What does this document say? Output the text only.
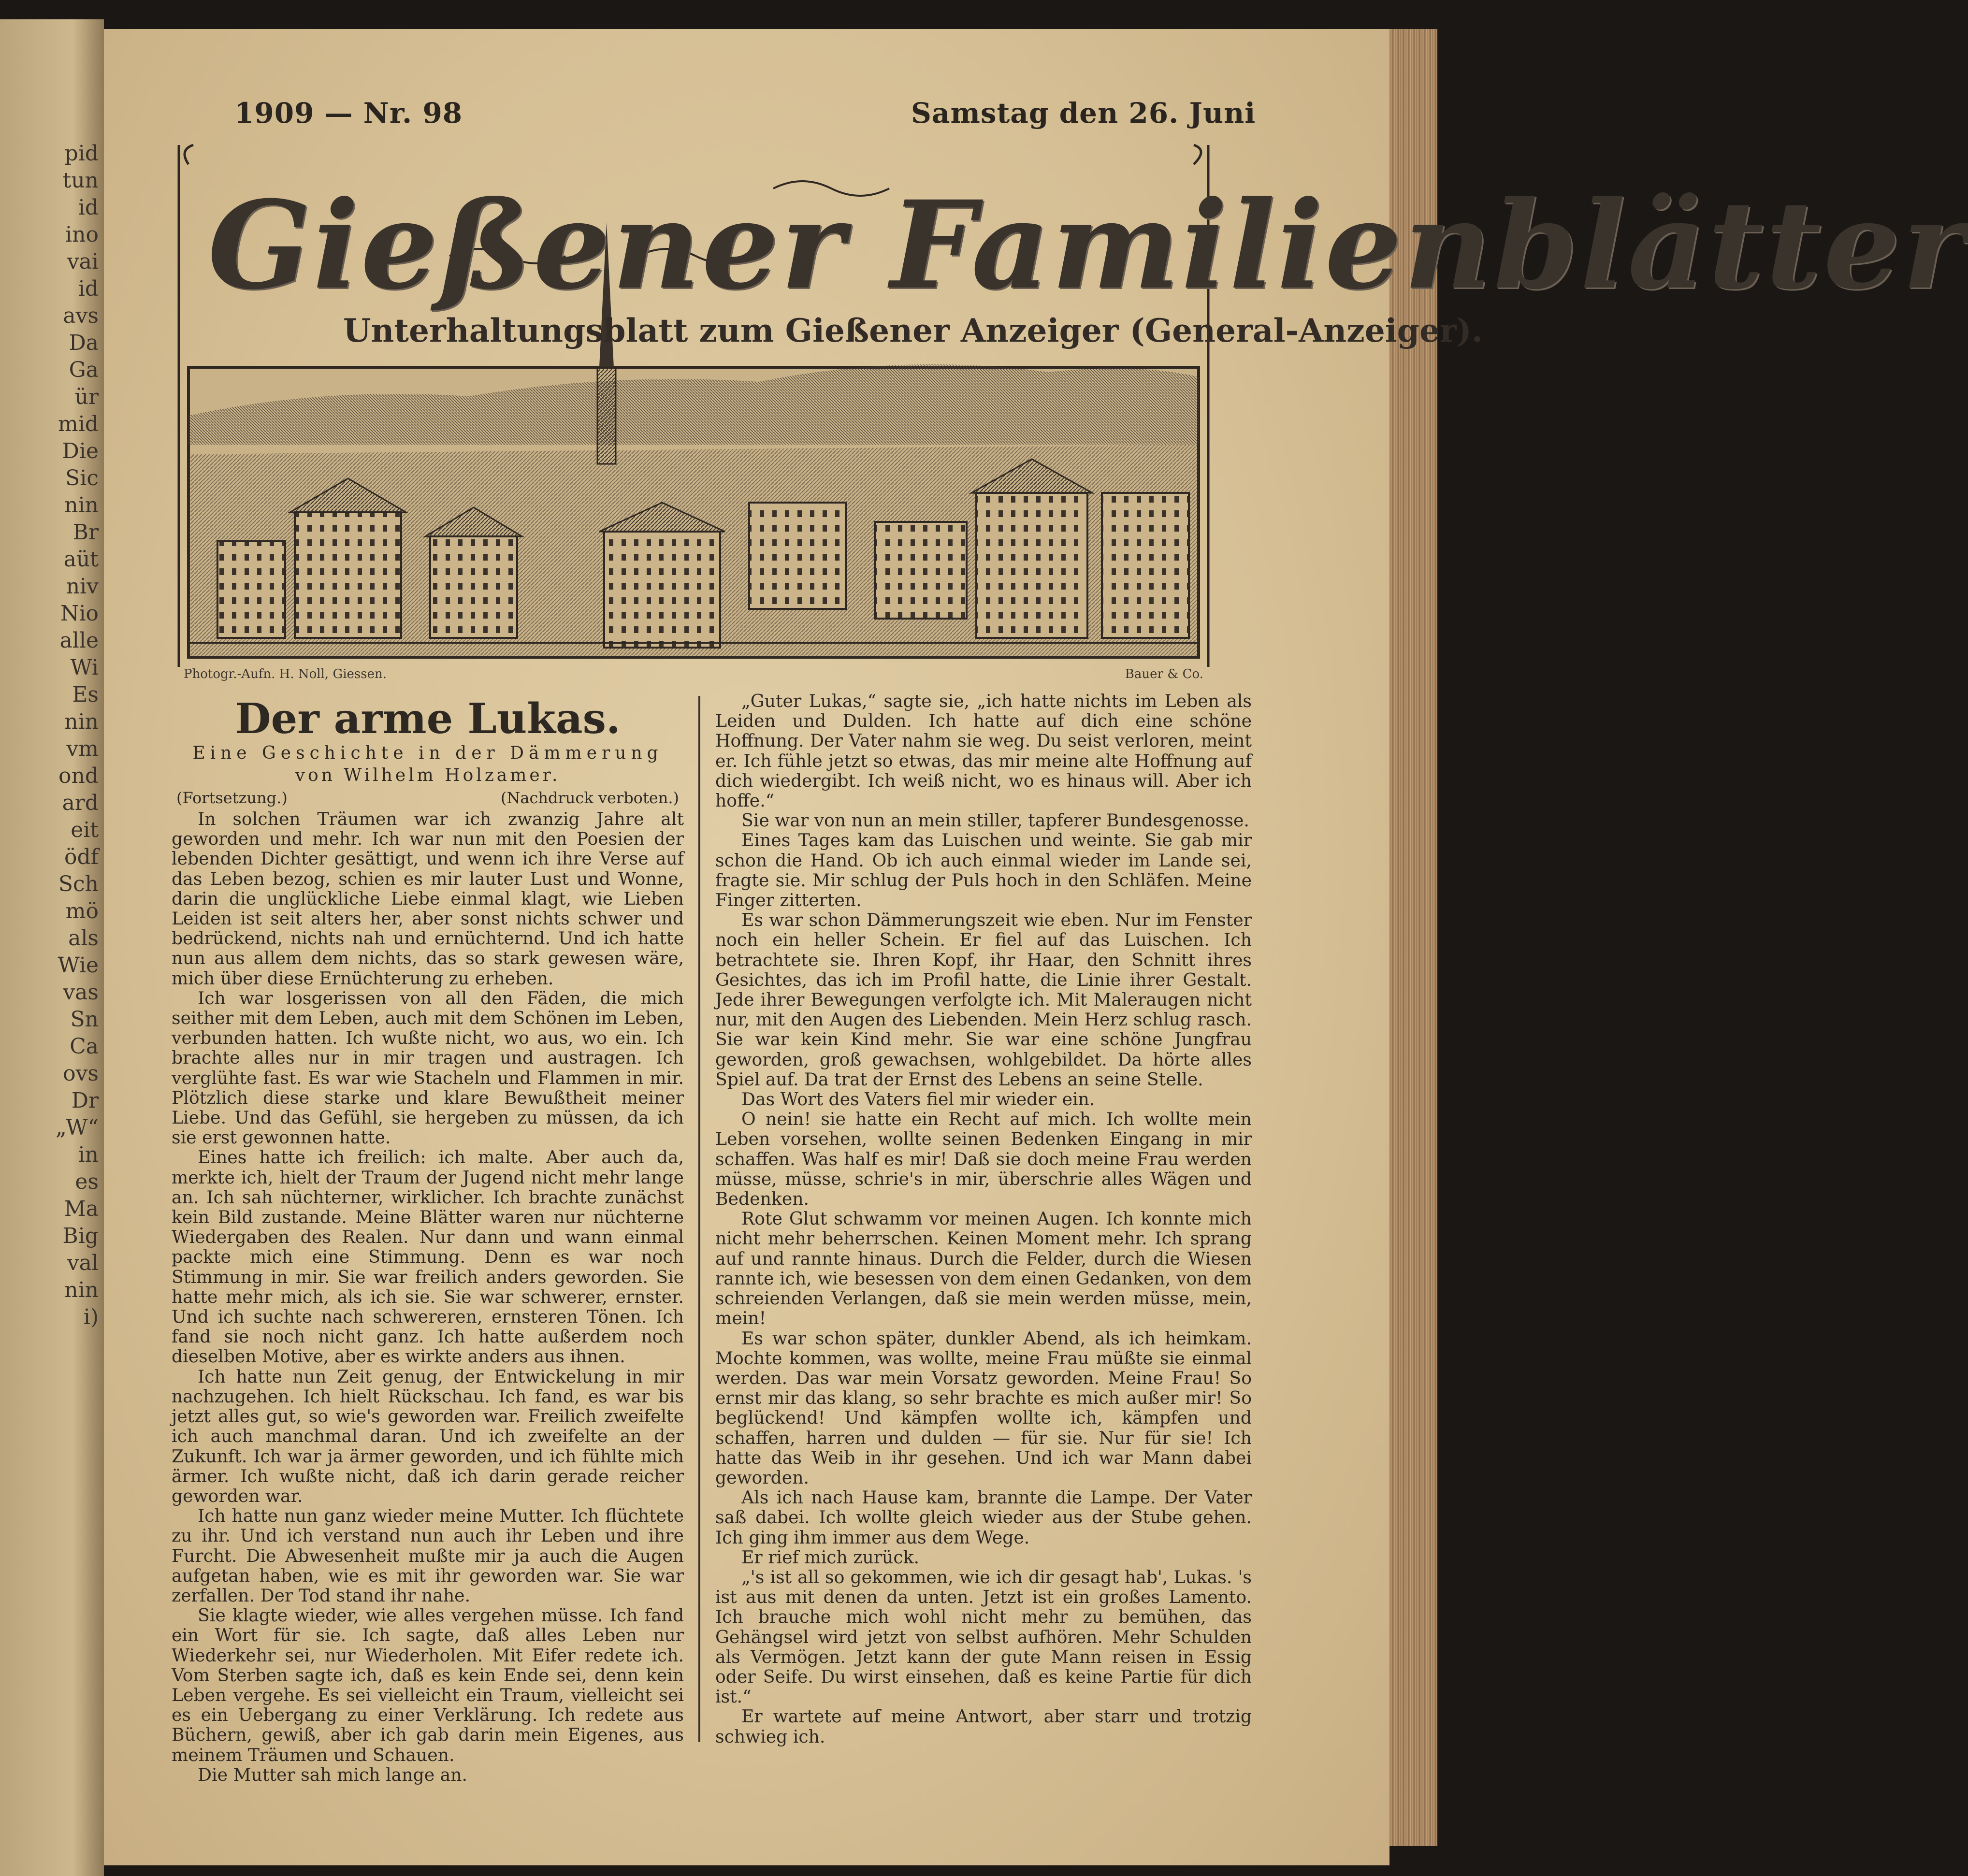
pid
tun
id
ino
vai
id
avs
Da
Ga
ür
mid
Die
Sic
nin
Br
aüt
niv
Nio
alle
Wi
Es
nin
vm
ond
ard
eit
ödf
Sch
mö
als
Wie
vas
Sn
Ca
ovs
Dr
„W“
in
es
Ma
Big
val
nin
i)
1909 — Nr. 98	Samstag den 26. Juni
Gießener Familienblätter
Unterhaltungsblatt zum Gießener Anzeiger (General-Anzeiger).
Photogr.-Aufn. H. Noll, Giessen.	Bauer & Co.
Der arme Lukas.
Eine Geschichte in der Dämmerung
von Wilhelm Holzamer.
(Fortsetzung.)	(Nachdruck verboten.)

In solchen Träumen war ich zwanzig Jahre alt geworden und mehr. Ich war nun mit den Poesien der lebenden Dichter gesättigt, und wenn ich ihre Verse auf das Leben bezog, schien es mir lauter Lust und Wonne, darin die unglückliche Liebe einmal klagt, wie Lieben Leiden ist seit alters her, aber sonst nichts schwer und bedrückend, nichts nah und ernüchternd. Und ich hatte nun aus allem dem nichts, das so stark gewesen wäre, mich über diese Ernüchterung zu erheben.

Ich war losgerissen von all den Fäden, die mich seither mit dem Leben, auch mit dem Schönen im Leben, verbunden hatten. Ich wußte nicht, wo aus, wo ein. Ich brachte alles nur in mir tragen und austragen. Ich verglühte fast. Es war wie Stacheln und Flammen in mir. Plötzlich diese starke und klare Bewußtheit meiner Liebe. Und das Gefühl, sie hergeben zu müssen, da ich sie erst gewonnen hatte.

Eines hatte ich freilich: ich malte. Aber auch da, merkte ich, hielt der Traum der Jugend nicht mehr lange an. Ich sah nüchterner, wirklicher. Ich brachte zunächst kein Bild zustande. Meine Blätter waren nur nüchterne Wiedergaben des Realen. Nur dann und wann einmal packte mich eine Stimmung. Denn es war noch Stimmung in mir. Sie war freilich anders geworden. Sie hatte mehr mich, als ich sie. Sie war schwerer, ernster. Und ich suchte nach schwereren, ernsteren Tönen. Ich fand sie noch nicht ganz. Ich hatte außerdem noch dieselben Motive, aber es wirkte anders aus ihnen.

Ich hatte nun Zeit genug, der Entwickelung in mir nachzugehen. Ich hielt Rückschau. Ich fand, es war bis jetzt alles gut, so wie's geworden war. Freilich zweifelte ich auch manchmal daran. Und ich zweifelte an der Zukunft. Ich war ja ärmer geworden, und ich fühlte mich ärmer. Ich wußte nicht, daß ich darin gerade reicher geworden war.

Ich hatte nun ganz wieder meine Mutter. Ich flüchtete zu ihr. Und ich verstand nun auch ihr Leben und ihre Furcht. Die Abwesenheit mußte mir ja auch die Augen aufgetan haben, wie es mit ihr geworden war. Sie war zerfallen. Der Tod stand ihr nahe.

Sie klagte wieder, wie alles vergehen müsse. Ich fand ein Wort für sie. Ich sagte, daß alles Leben nur Wiederkehr sei, nur Wiederholen. Mit Eifer redete ich. Vom Sterben sagte ich, daß es kein Ende sei, denn kein Leben vergehe. Es sei vielleicht ein Traum, vielleicht sei es ein Uebergang zu einer Verklärung. Ich redete aus Büchern, gewiß, aber ich gab darin mein Eigenes, aus meinem Träumen und Schauen.

Die Mutter sah mich lange an.

„Guter Lukas,“ sagte sie, „ich hatte nichts im Leben als Leiden und Dulden. Ich hatte auf dich eine schöne Hoffnung. Der Vater nahm sie weg. Du seist verloren, meint er. Ich fühle jetzt so etwas, das mir meine alte Hoffnung auf dich wiedergibt. Ich weiß nicht, wo es hinaus will. Aber ich hoffe.“

Sie war von nun an mein stiller, tapferer Bundesgenosse.

Eines Tages kam das Luischen und weinte. Sie gab mir schon die Hand. Ob ich auch einmal wieder im Lande sei, fragte sie. Mir schlug der Puls hoch in den Schläfen. Meine Finger zitterten.

Es war schon Dämmerungszeit wie eben. Nur im Fenster noch ein heller Schein. Er fiel auf das Luischen. Ich betrachtete sie. Ihren Kopf, ihr Haar, den Schnitt ihres Gesichtes, das ich im Profil hatte, die Linie ihrer Gestalt. Jede ihrer Bewegungen verfolgte ich. Mit Malerаugen nicht nur, mit den Augen des Liebenden. Mein Herz schlug rasch. Sie war kein Kind mehr. Sie war eine schöne Jungfrau geworden, groß gewachsen, wohlgebildet. Da hörte alles Spiel auf. Da trat der Ernst des Lebens an seine Stelle.

Das Wort des Vaters fiel mir wieder ein.

O nein! sie hatte ein Recht auf mich. Ich wollte mein Leben vorsehen, wollte seinen Bedenken Eingang in mir schaffen. Was half es mir! Daß sie doch meine Frau werden müsse, müsse, schrie's in mir, überschrie alles Wägen und Bedenken.

Rote Glut schwamm vor meinen Augen. Ich konnte mich nicht mehr beherrschen. Keinen Moment mehr. Ich sprang auf und rannte hinaus. Durch die Felder, durch die Wiesen rannte ich, wie besessen von dem einen Gedanken, von dem schreienden Verlangen, daß sie mein werden müsse, mein, mein!

Es war schon später, dunkler Abend, als ich heimkam. Mochte kommen, was wollte, meine Frau müßte sie einmal werden. Das war mein Vorsatz geworden. Meine Frau! So ernst mir das klang, so sehr brachte es mich außer mir! So beglückend! Und kämpfen wollte ich, kämpfen und schaffen, harren und dulden — für sie. Nur für sie! Ich hatte das Weib in ihr gesehen. Und ich war Mann dabei geworden.

Als ich nach Hause kam, brannte die Lampe. Der Vater saß dabei. Ich wollte gleich wieder aus der Stube gehen. Ich ging ihm immer aus dem Wege.

Er rief mich zurück.

„'s ist all so gekommen, wie ich dir gesagt hab', Lukas. 's ist aus mit denen da unten. Jetzt ist ein großes Lamento. Ich brauche mich wohl nicht mehr zu bemühen, das Gehängsel wird jetzt von selbst aufhören. Mehr Schulden als Vermögen. Jetzt kann der gute Mann reisen in Essig oder Seife. Du wirst einsehen, daß es keine Partie für dich ist.“

Er wartete auf meine Antwort, aber starr und trotzig schwieg ich.
